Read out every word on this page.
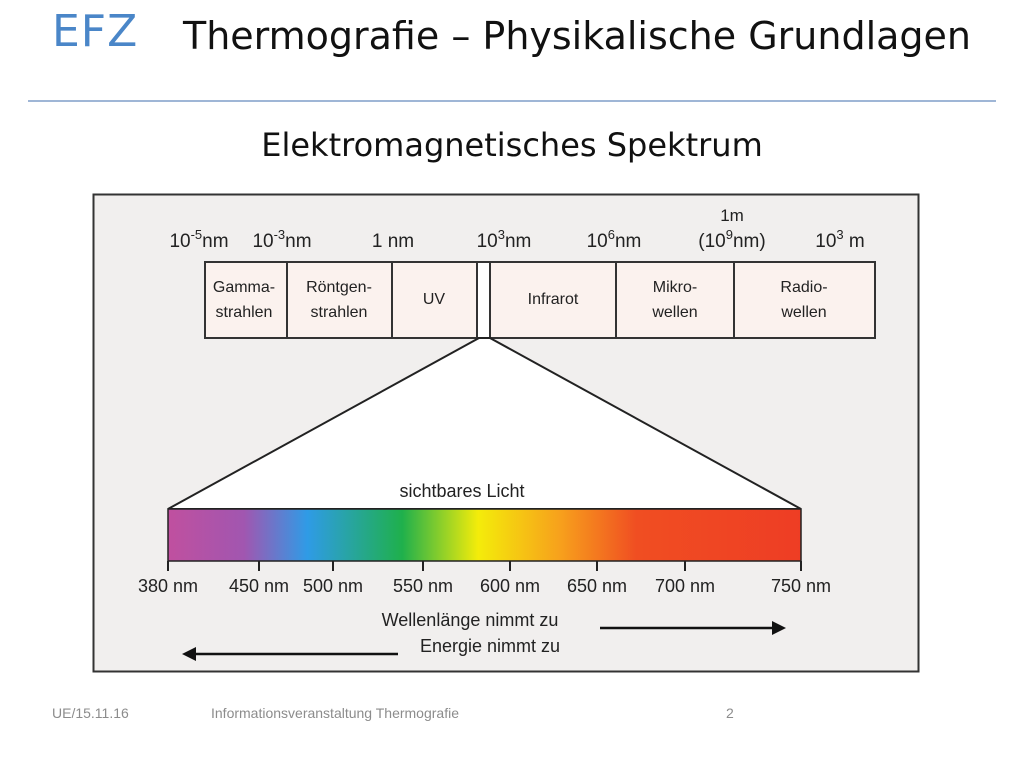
EFZ Thermografie – Physikalische Grundlagen
Elektromagnetisches Spektrum
1m
$10^{-5}nm$ $10^{-3}nm$	1 nm	$10^3nm$	$10^6nm$	$(10^9nm)$	$10^3$ m
Gamma-
strahlen
Röntgen-
strahlen
UV	Infrarot
Mikro-
wellen
Radio-
wellen
sichtbares Licht
380 nm 450 nm 500 nm 550 nm 600 nm 650 nm 700 nm	750 nm
Wellenlänge nimmt zu
Energie nimmt zu
UE/15.11.16	Informationsveranstaltung Thermografie	2
